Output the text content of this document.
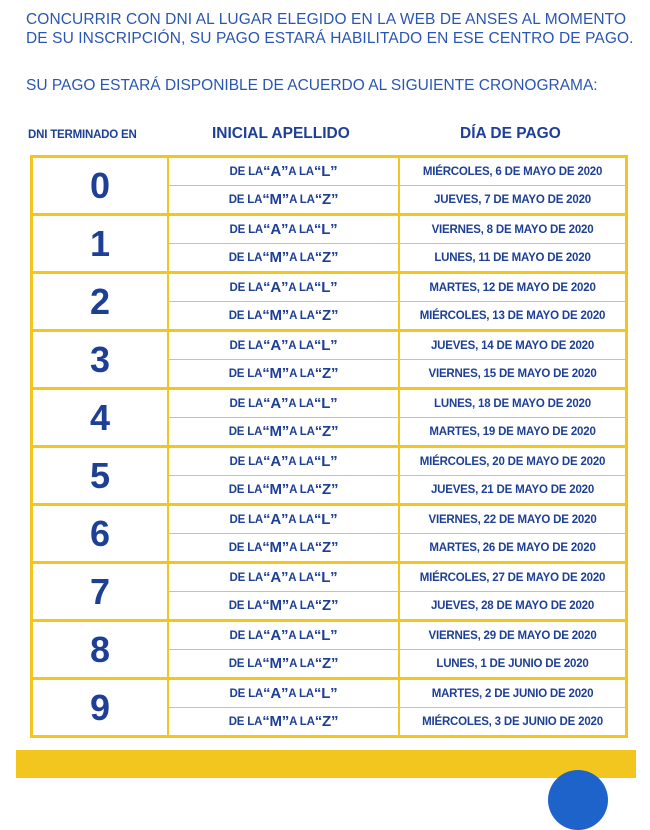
CONCURRIR CON DNI AL LUGAR ELEGIDO EN LA WEB DE ANSES AL MOMENTO DE SU INSCRIPCIÓN, SU PAGO ESTARÁ HABILITADO EN ESE CENTRO DE PAGO.
SU PAGO ESTARÁ DISPONIBLE DE ACUERDO AL SIGUIENTE CRONOGRAMA:
DNI TERMINADO EN	INICIAL APELLIDO	DÍA DE PAGO
0	DE LA “A” A LA “L”	MIÉRCOLES, 6 DE MAYO DE 2020
DE LA “M” A LA “Z”	JUEVES, 7 DE MAYO DE 2020
1	DE LA “A” A LA “L”	VIERNES, 8 DE MAYO DE 2020
DE LA “M” A LA “Z”	LUNES, 11 DE MAYO DE 2020
2	DE LA “A” A LA “L”	MARTES, 12 DE MAYO DE 2020
DE LA “M” A LA “Z”	MIÉRCOLES, 13 DE MAYO DE 2020
3	DE LA “A” A LA “L”	JUEVES, 14 DE MAYO DE 2020
DE LA “M” A LA “Z”	VIERNES, 15 DE MAYO DE 2020
4	DE LA “A” A LA “L”	LUNES, 18 DE MAYO DE 2020
DE LA “M” A LA “Z”	MARTES, 19 DE MAYO DE 2020
5	DE LA “A” A LA “L”	MIÉRCOLES, 20 DE MAYO DE 2020
DE LA “M” A LA “Z”	JUEVES, 21 DE MAYO DE 2020
6	DE LA “A” A LA “L”	VIERNES, 22 DE MAYO DE 2020
DE LA “M” A LA “Z”	MARTES, 26 DE MAYO DE 2020
7	DE LA “A” A LA “L”	MIÉRCOLES, 27 DE MAYO DE 2020
DE LA “M” A LA “Z”	JUEVES, 28 DE MAYO DE 2020
8	DE LA “A” A LA “L”	VIERNES, 29 DE MAYO DE 2020
DE LA “M” A LA “Z”	LUNES, 1 DE JUNIO DE 2020
9	DE LA “A” A LA “L”	MARTES, 2 DE JUNIO DE 2020
DE LA “M” A LA “Z”	MIÉRCOLES, 3 DE JUNIO DE 2020
